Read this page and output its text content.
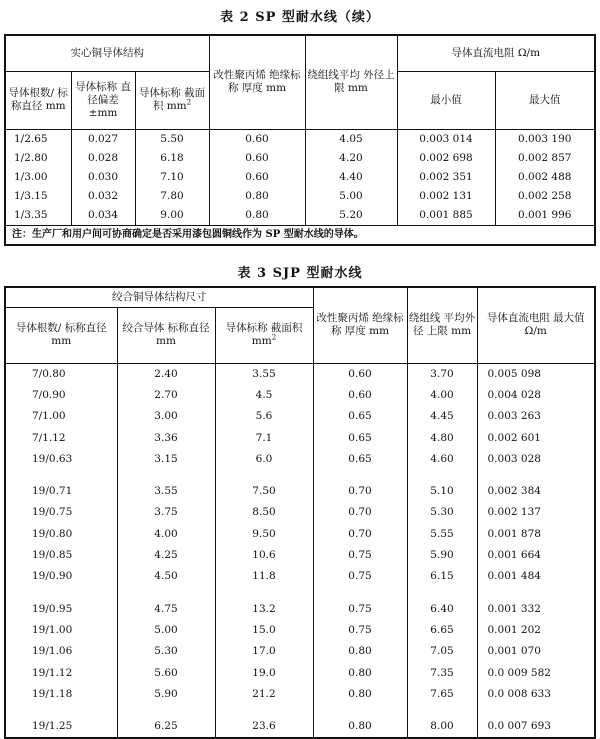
表 2 SP 型耐水线（续）
实心铜导体结构			改性聚丙烯 绝缘标称 厚度 mm	绕组线平均 外径上限 mm	导体直流电阻 Ω/m	
导体根数/ 标称直径 mm	导体标称 直径偏差 ±mm	导体标称 截面积 $mm^2$			最小值	最大值
1/2.65	0.027	5.50	0.60	4.05	0.003 014	0.003 190
1/2.80	0.028	6.18	0.60	4.20	0.002 698	0.002 857
1/3.00	0.030	7.10	0.60	4.40	0.002 351	0.002 488
1/3.15	0.032	7.80	0.80	5.00	0.002 131	0.002 258
1/3.35	0.034	9.00	0.80	5.20	0.001 885	0.001 996
注：生产厂和用户间可协商确定是否采用漆包圆铜线作为 SP 型耐水线的导体。						
表 3 SJP 型耐水线
绞合铜导体结构尺寸			改性聚丙烯 绝缘标称 厚度 mm	绕组线 平均外径 上限 mm	导体直流电阻 最大值 Ω/m
导体根数/ 标称直径 mm	绞合导体 标称直径 mm	导体标称 截面积 $mm^2$
7/0.80	2.40	3.55	0.60	3.70	0.005 098
7/0.90	2.70	4.5	0.60	4.00	0.004 028
7/1.00	3.00	5.6	0.65	4.45	0.003 263
7/1.12	3.36	7.1	0.65	4.80	0.002 601
19/0.63	3.15	6.0	0.65	4.60	0.003 028

19/0.71	3.55	7.50	0.70	5.10	0.002 384
19/0.75	3.75	8.50	0.70	5.30	0.002 137
19/0.80	4.00	9.50	0.70	5.55	0.001 878
19/0.85	4.25	10.6	0.75	5.90	0.001 664
19/0.90	4.50	11.8	0.75	6.15	0.001 484

19/0.95	4.75	13.2	0.75	6.40	0.001 332
19/1.00	5.00	15.0	0.75	6.65	0.001 202
19/1.06	5.30	17.0	0.80	7.05	0.001 070
19/1.12	5.60	19.0	0.80	7.35	0.0 009 582
19/1.18	5.90	21.2	0.80	7.65	0.0 008 633

19/1.25	6.25	23.6	0.80	8.00	0.0 007 693
